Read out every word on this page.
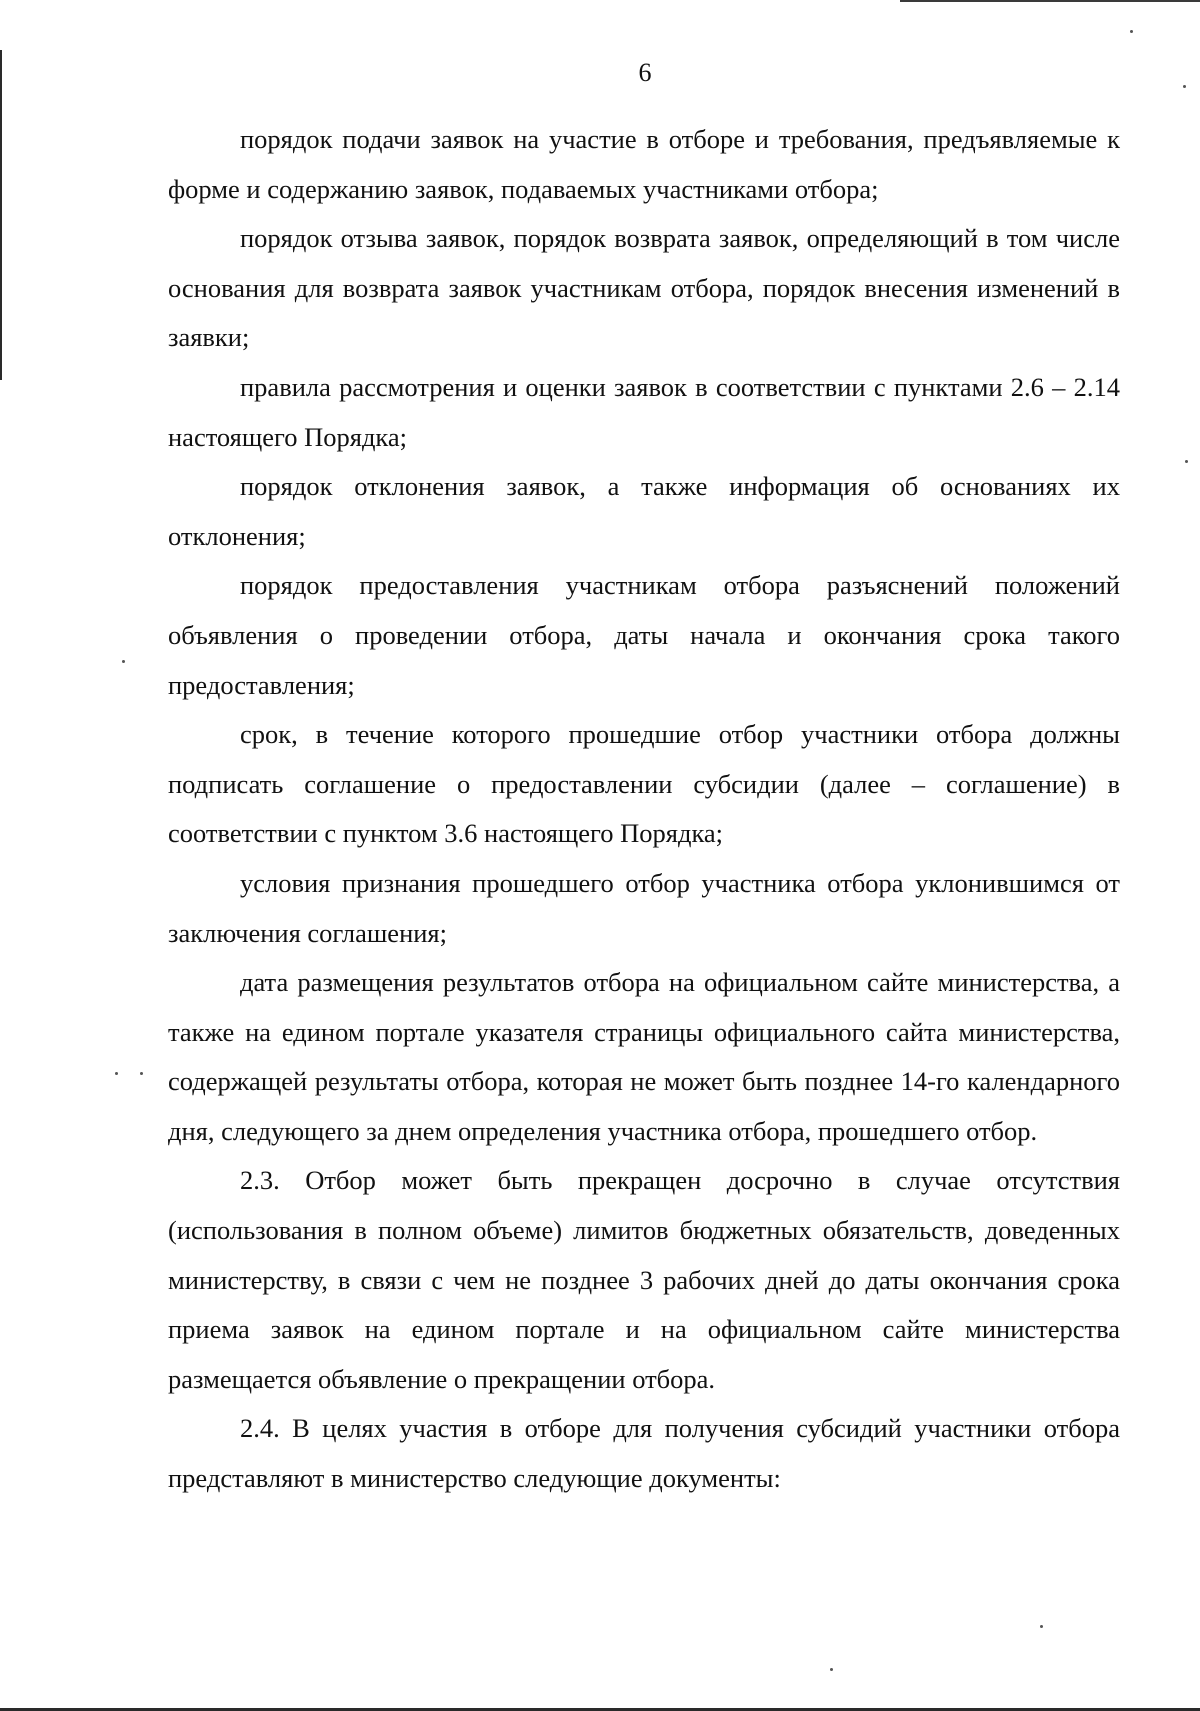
6

порядок подачи заявок на участие в отборе и требования, предъявляемые к форме и содержанию заявок, подаваемых участниками отбора;

порядок отзыва заявок, порядок возврата заявок, определяющий в том числе основания для возврата заявок участникам отбора, порядок внесения изменений в заявки;

правила рассмотрения и оценки заявок в соответствии с пунктами 2.6 – 2.14 настоящего Порядка;

порядок отклонения заявок, а также информация об основаниях их отклонения;

порядок предоставления участникам отбора разъяснений положений объявления о проведении отбора, даты начала и окончания срока такого предоставления;

срок, в течение которого прошедшие отбор участники отбора должны подписать соглашение о предоставлении субсидии (далее – соглашение) в соответствии с пунктом 3.6 настоящего Порядка;

условия признания прошедшего отбор участника отбора уклонившимся от заключения соглашения;

дата размещения результатов отбора на официальном сайте министерства, а также на едином портале указателя страницы официального сайта министерства, содержащей результаты отбора, которая не может быть позднее 14-го календарного дня, следующего за днем определения участника отбора, прошедшего отбор.

2.3. Отбор может быть прекращен досрочно в случае отсутствия (использования в полном объеме) лимитов бюджетных обязательств, доведенных министерству, в связи с чем не позднее 3 рабочих дней до даты окончания срока приема заявок на едином портале и на официальном сайте министерства размещается объявление о прекращении отбора.

2.4. В целях участия в отборе для получения субсидий участники отбора представляют в министерство следующие документы:
